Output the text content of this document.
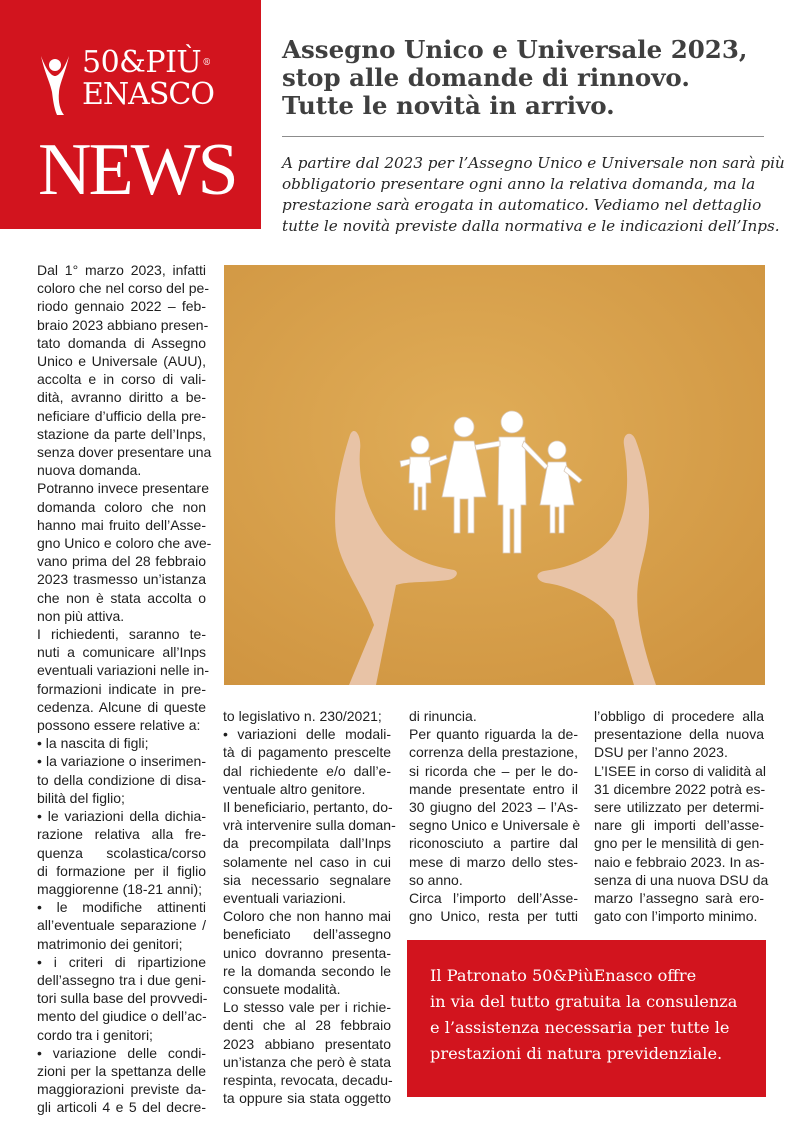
50&PIÙ®
ENASCO
NEWS
Assegno Unico e Universale 2023,
stop alle domande di rinnovo.
Tutte le novità in arrivo.
A partire dal 2023 per l’Assegno Unico e Universale non sarà più
obbligatorio presentare ogni anno la relativa domanda, ma la
prestazione sarà erogata in automatico. Vediamo nel dettaglio
tutte le novità previste dalla normativa e le indicazioni dell’Inps.
Dal 1° marzo 2023, infatti
coloro che nel corso del pe-
riodo gennaio 2022 – feb-
braio 2023 abbiano presen-
tato domanda di Assegno
Unico e Universale (AUU),
accolta e in corso di vali-
dità, avranno diritto a be-
neficiare d’ufficio della pre-
stazione da parte dell’Inps,
senza dover presentare una
nuova domanda.
Potranno invece presentare
domanda coloro che non
hanno mai fruito dell’Asse-
gno Unico e coloro che ave-
vano prima del 28 febbraio
2023 trasmesso un’istanza
che non è stata accolta o
non più attiva.
I richiedenti, saranno te-
nuti a comunicare all’Inps
eventuali variazioni nelle in-
formazioni indicate in pre-
cedenza. Alcune di queste
possono essere relative a:
• la nascita di figli;
• la variazione o inserimen-
to della condizione di disa-
bilità del figlio;
• le variazioni della dichia-
razione relativa alla fre-
quenza scolastica/corso
di formazione per il figlio
maggiorenne (18-21 anni);
• le modifiche attinenti
all’eventuale separazione /
matrimonio dei genitori;
• i criteri di ripartizione
dell’assegno tra i due geni-
tori sulla base del provvedi-
mento del giudice o dell’ac-
cordo tra i genitori;
• variazione delle condi-
zioni per la spettanza delle
maggiorazioni previste da-
gli articoli 4 e 5 del decre-
to legislativo n. 230/2021;
• variazioni delle modali-
tà di pagamento prescelte
dal richiedente e/o dall’e-
ventuale altro genitore.
Il beneficiario, pertanto, do-
vrà intervenire sulla doman-
da precompilata dall’Inps
solamente nel caso in cui
sia necessario segnalare
eventuali variazioni.
Coloro che non hanno mai
beneficiato dell’assegno
unico dovranno presenta-
re la domanda secondo le
consuete modalità.
Lo stesso vale per i richie-
denti che al 28 febbraio
2023 abbiano presentato
un’istanza che però è stata
respinta, revocata, decadu-
ta oppure sia stata oggetto
di rinuncia.
Per quanto riguarda la de-
correnza della prestazione,
si ricorda che – per le do-
mande presentate entro il
30 giugno del 2023 – l’As-
segno Unico e Universale è
riconosciuto a partire dal
mese di marzo dello stes-
so anno.
Circa l’importo dell’Asse-
gno Unico, resta per tutti
l’obbligo di procedere alla
presentazione della nuova
DSU per l’anno 2023.
L’ISEE in corso di validità al
31 dicembre 2022 potrà es-
sere utilizzato per determi-
nare gli importi dell’asse-
gno per le mensilità di gen-
naio e febbraio 2023. In as-
senza di una nuova DSU da
marzo l’assegno sarà ero-
gato con l’importo minimo.
Il Patronato 50&PiùEnasco offre
in via del tutto gratuita la consulenza
e l’assistenza necessaria per tutte le
prestazioni di natura previdenziale.
